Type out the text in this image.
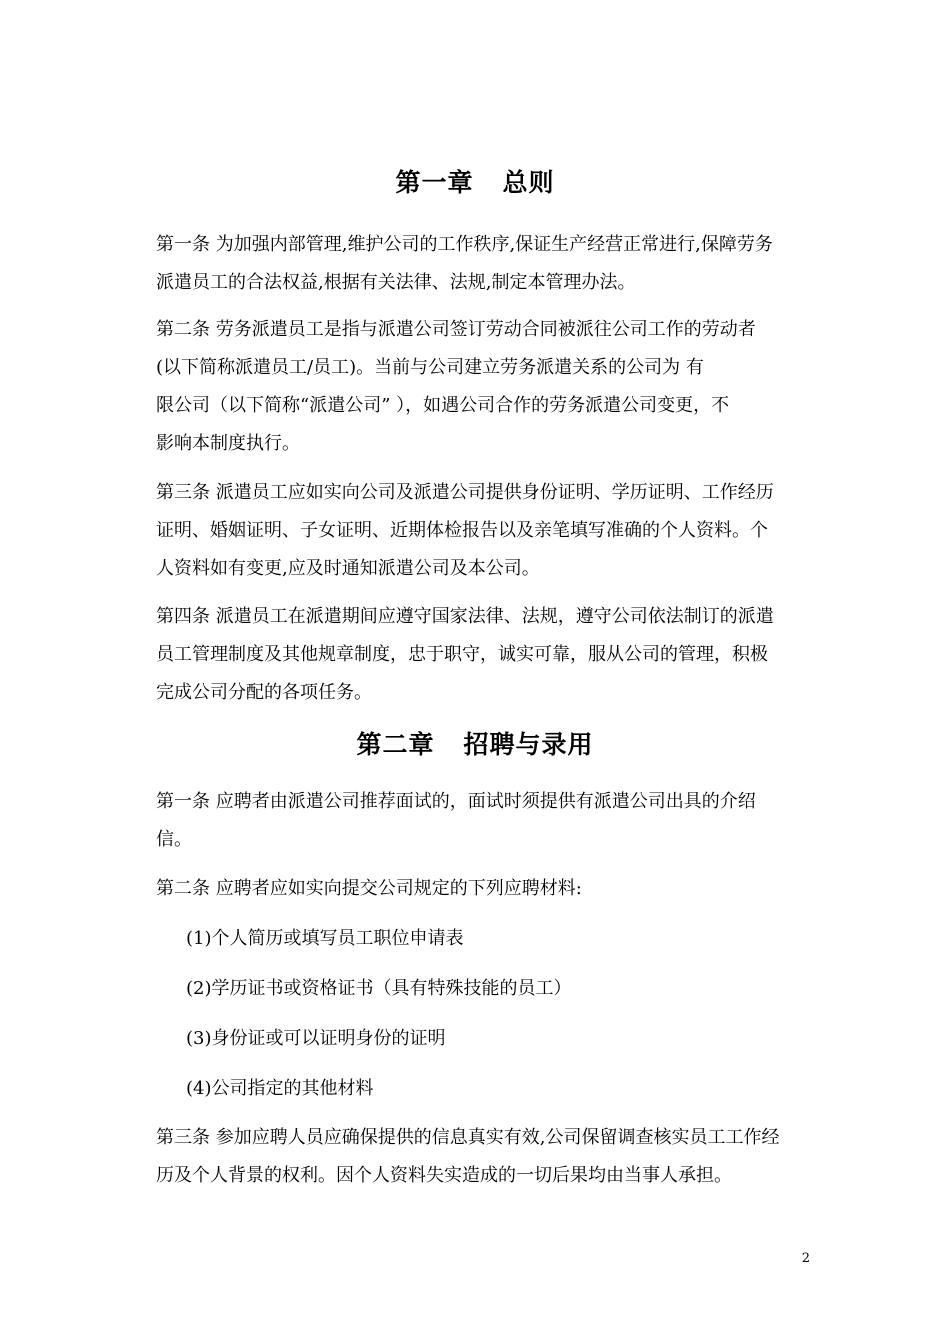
第一章   总则
第一条 为加强内部管理,维护公司的工作秩序,保证生产经营正常进行,保障劳务
派遣员工的合法权益,根据有关法律、法规,制定本管理办法。
第二条 劳务派遣员工是指与派遣公司签订劳动合同被派往公司工作的劳动者
(以下简称派遣员工/员工)。当前与公司建立劳务派遣关系的公司为 有
限公司（以下简称“派遣公司” ），如遇公司合作的劳务派遣公司变更，不
影响本制度执行。
第三条 派遣员工应如实向公司及派遣公司提供身份证明、学历证明、工作经历
证明、婚姻证明、子女证明、近期体检报告以及亲笔填写准确的个人资料。个
人资料如有变更,应及时通知派遣公司及本公司。
第四条 派遣员工在派遣期间应遵守国家法律、法规，遵守公司依法制订的派遣
员工管理制度及其他规章制度，忠于职守，诚实可靠，服从公司的管理，积极
完成公司分配的各项任务。
第二章   招聘与录用
第一条 应聘者由派遣公司推荐面试的，面试时须提供有派遣公司出具的介绍
信。
第二条 应聘者应如实向提交公司规定的下列应聘材料:
(1)个人简历或填写员工职位申请表
(2)学历证书或资格证书（具有特殊技能的员工）
(3)身份证或可以证明身份的证明
(4)公司指定的其他材料
第三条 参加应聘人员应确保提供的信息真实有效,公司保留调查核实员工工作经
历及个人背景的权利。因个人资料失实造成的一切后果均由当事人承担。
2
